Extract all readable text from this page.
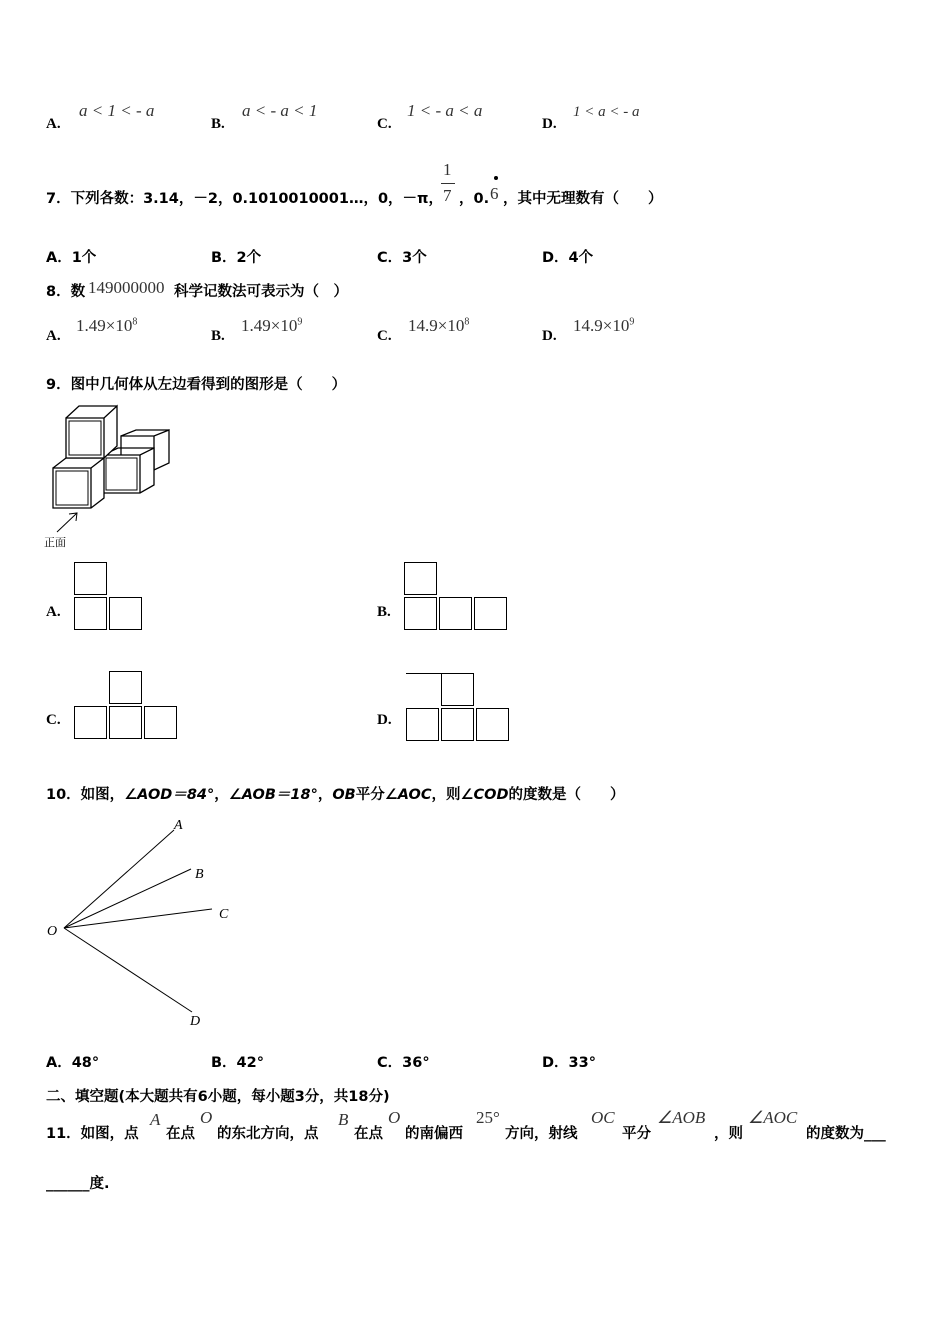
A.
a < 1 < - a
B.
a < - a < 1
C.
1 < - a < a
D.
1 < a < - a
7．下列各数：3.14，－2，0.1010010001…，0，－π，
1
7 ，0. 6 ，其中无理数有（　　）
A．1个	B．2个	C．3个	D．4个
8．数 149000000 科学记数法可表示为（　）
A.
$1.49\times 10^8$
B.
$1.49\times 10^9$
C.
$14.9\times 10^8$
D.
$14.9\times 10^9$
9．图中几何体从左边看得到的图形是（　　）
正面
A.	B.
C.	D.
10．如图，∠AOD＝84°，∠AOB＝18°，OB平分∠AOC，则∠COD的度数是（　　）
A
B
C
D
O
A．48°	B．42°	C．36°	D．33°
二、填空题(本大题共有6小题，每小题3分，共18分)
11．如图，点
A
在点
O
的东北方向，点
B
在点
O
的南偏西
25°
方向，射线
OC
平分
∠AOB
，则
∠AOC
的度数为___
______度.
